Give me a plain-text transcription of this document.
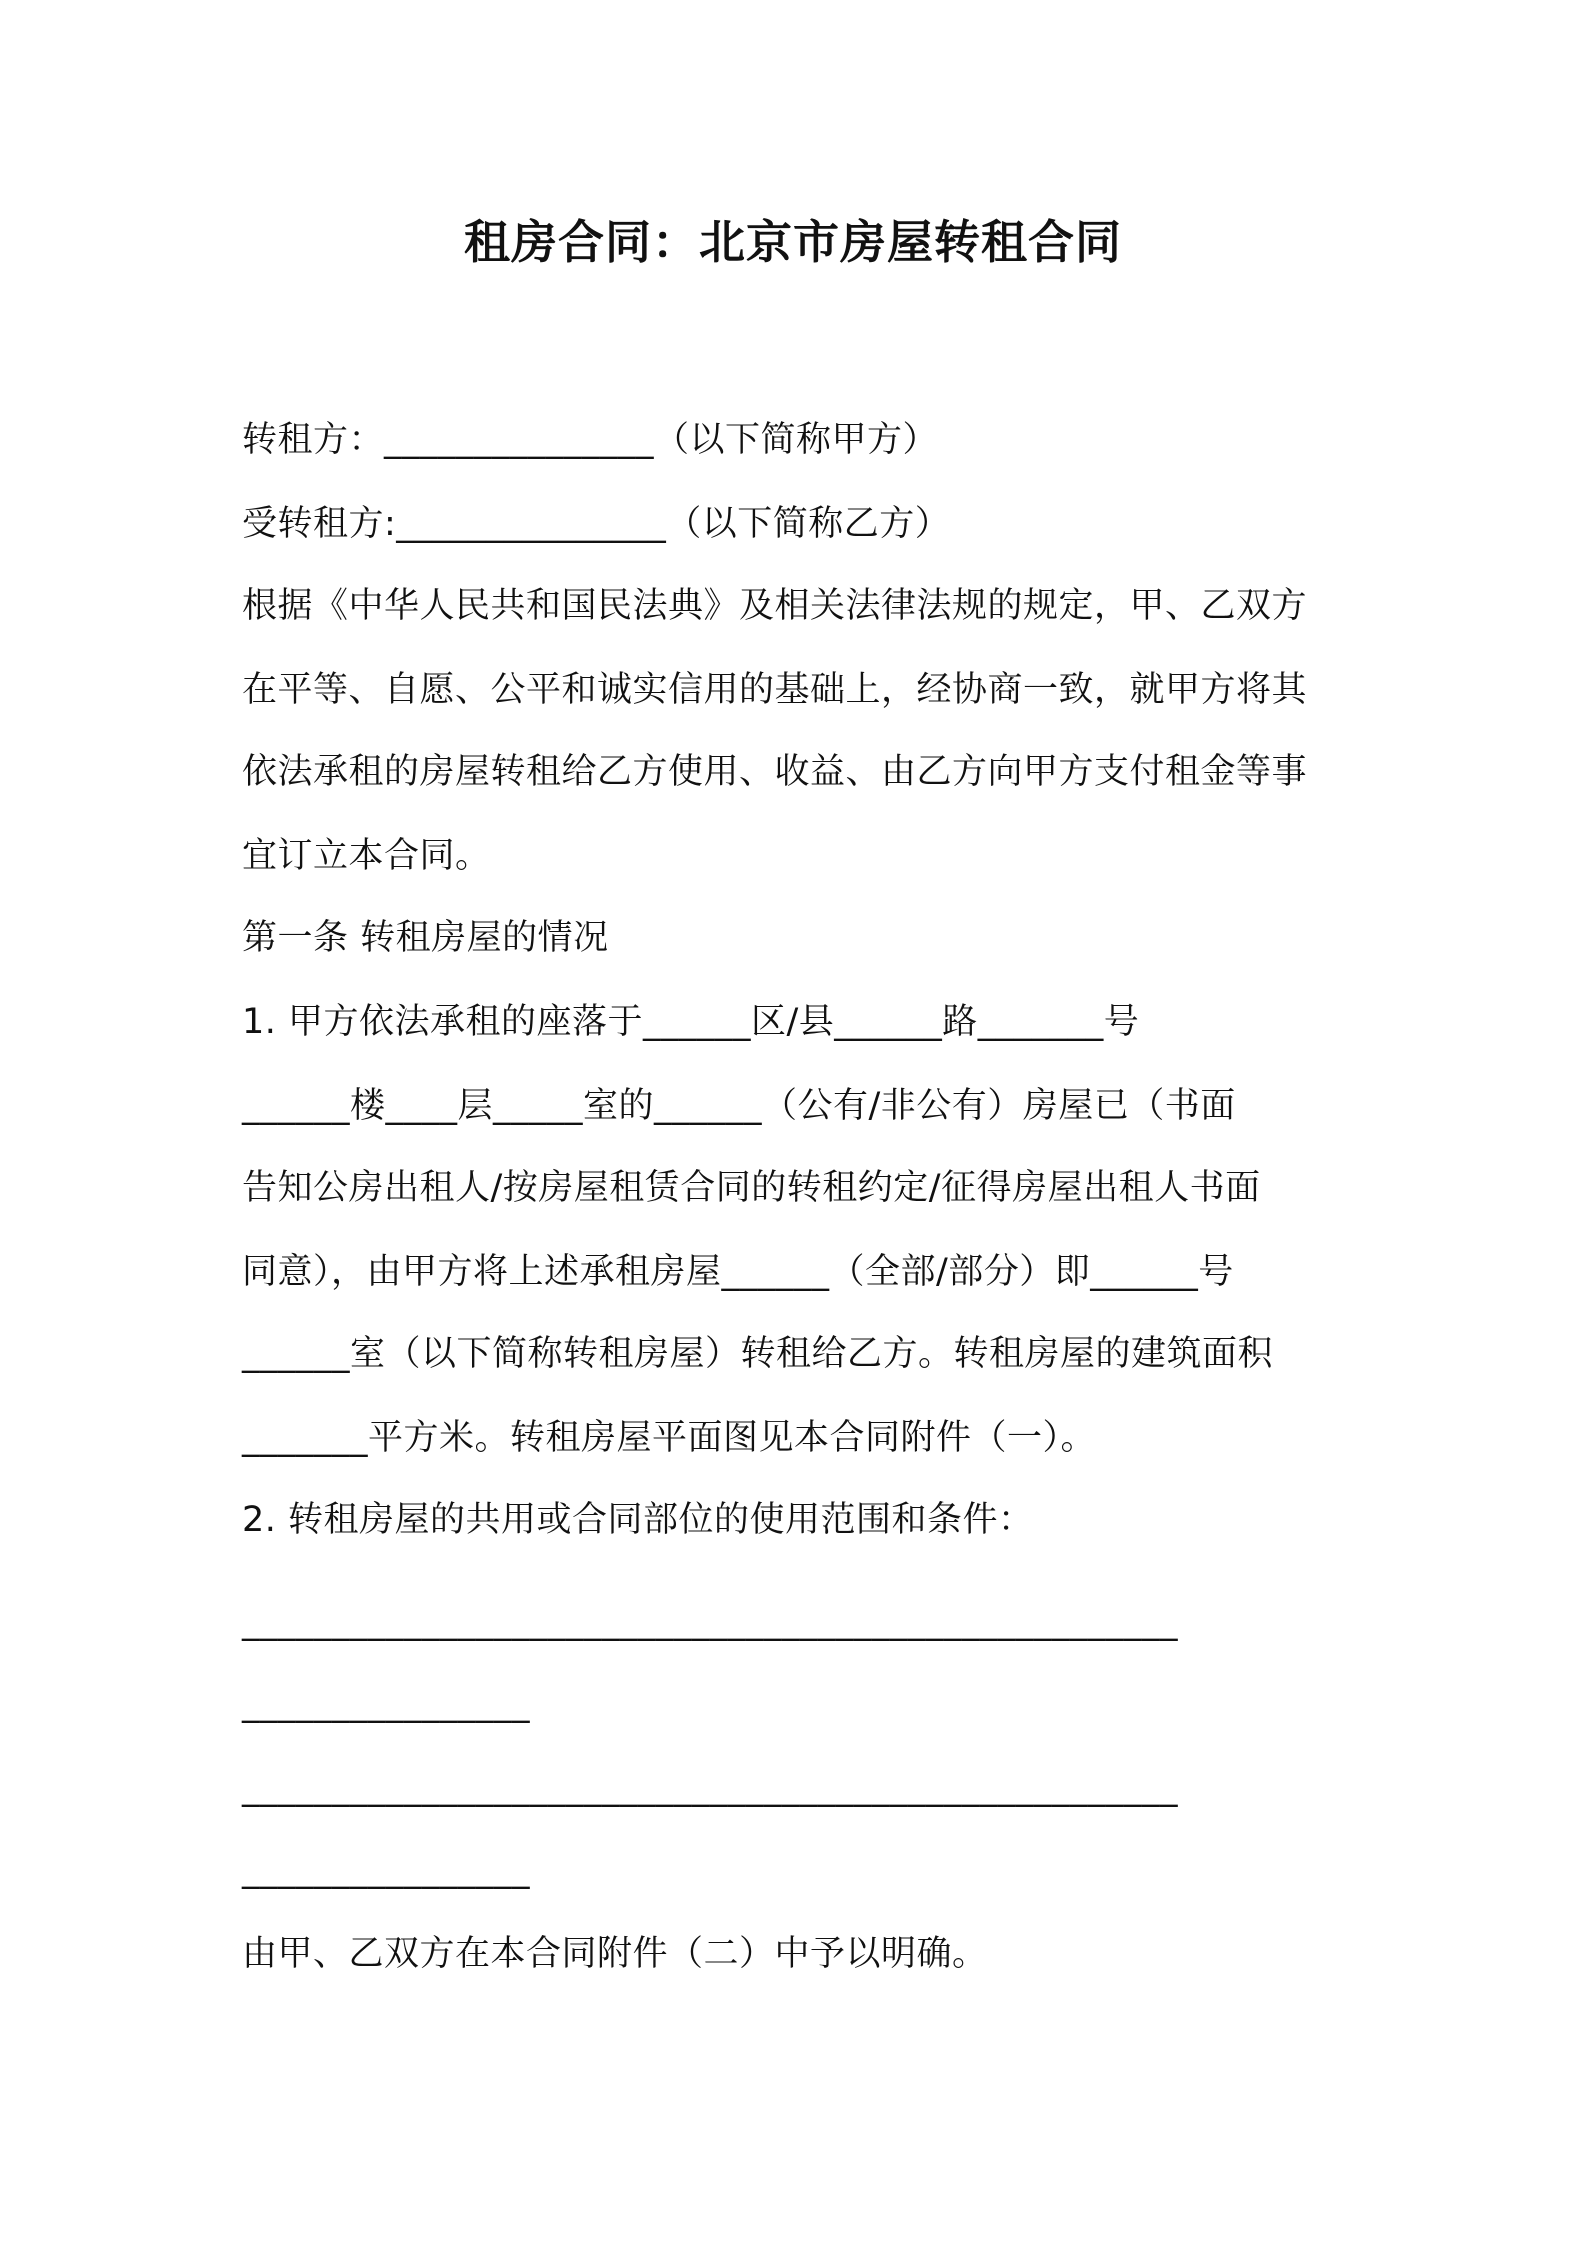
租房合同：北京市房屋转租合同
转租方：_______________（以下简称甲方）
受转租方:_______________（以下简称乙方）
根据《中华人民共和国民法典》及相关法律法规的规定，甲、乙双方
在平等、自愿、公平和诚实信用的基础上，经协商一致，就甲方将其
依法承租的房屋转租给乙方使用、收益、由乙方向甲方支付租金等事
宜订立本合同。
第一条 转租房屋的情况
1. 甲方依法承租的座落于______区/县______路_______号
______楼____层_____室的______（公有/非公有）房屋已（书面
告知公房出租人/按房屋租赁合同的转租约定/征得房屋出租人书面
同意），由甲方将上述承租房屋______（全部/部分）即______号
______室（以下简称转租房屋）转租给乙方。转租房屋的建筑面积
_______平方米。转租房屋平面图见本合同附件（一）。
2. 转租房屋的共用或合同部位的使用范围和条件：
____________________________________________________
________________
____________________________________________________
________________
由甲、乙双方在本合同附件（二）中予以明确。
